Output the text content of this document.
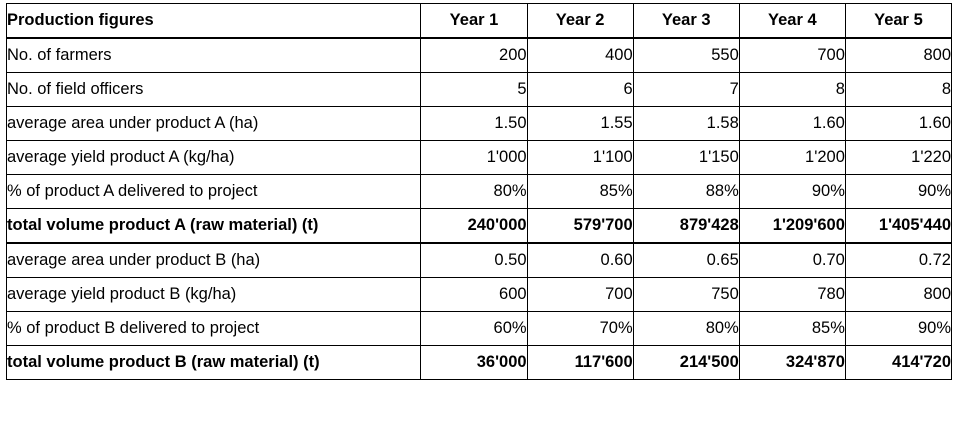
Production figures	Year 1	Year 2	Year 3	Year 4	Year 5
No. of farmers	200	400	550	700	800
No. of field officers	5	6	7	8	8
average area under product A (ha)	1.50	1.55	1.58	1.60	1.60
average yield product A (kg/ha)	1'000	1'100	1'150	1'200	1'220
% of product A delivered to project	80%	85%	88%	90%	90%
total volume product A (raw material) (t)	240'000	579'700	879'428	1'209'600	1'405'440
average area under product B (ha)	0.50	0.60	0.65	0.70	0.72
average yield product B (kg/ha)	600	700	750	780	800
% of product B delivered to project	60%	70%	80%	85%	90%
total volume product B (raw material) (t)	36'000	117'600	214'500	324'870	414'720
